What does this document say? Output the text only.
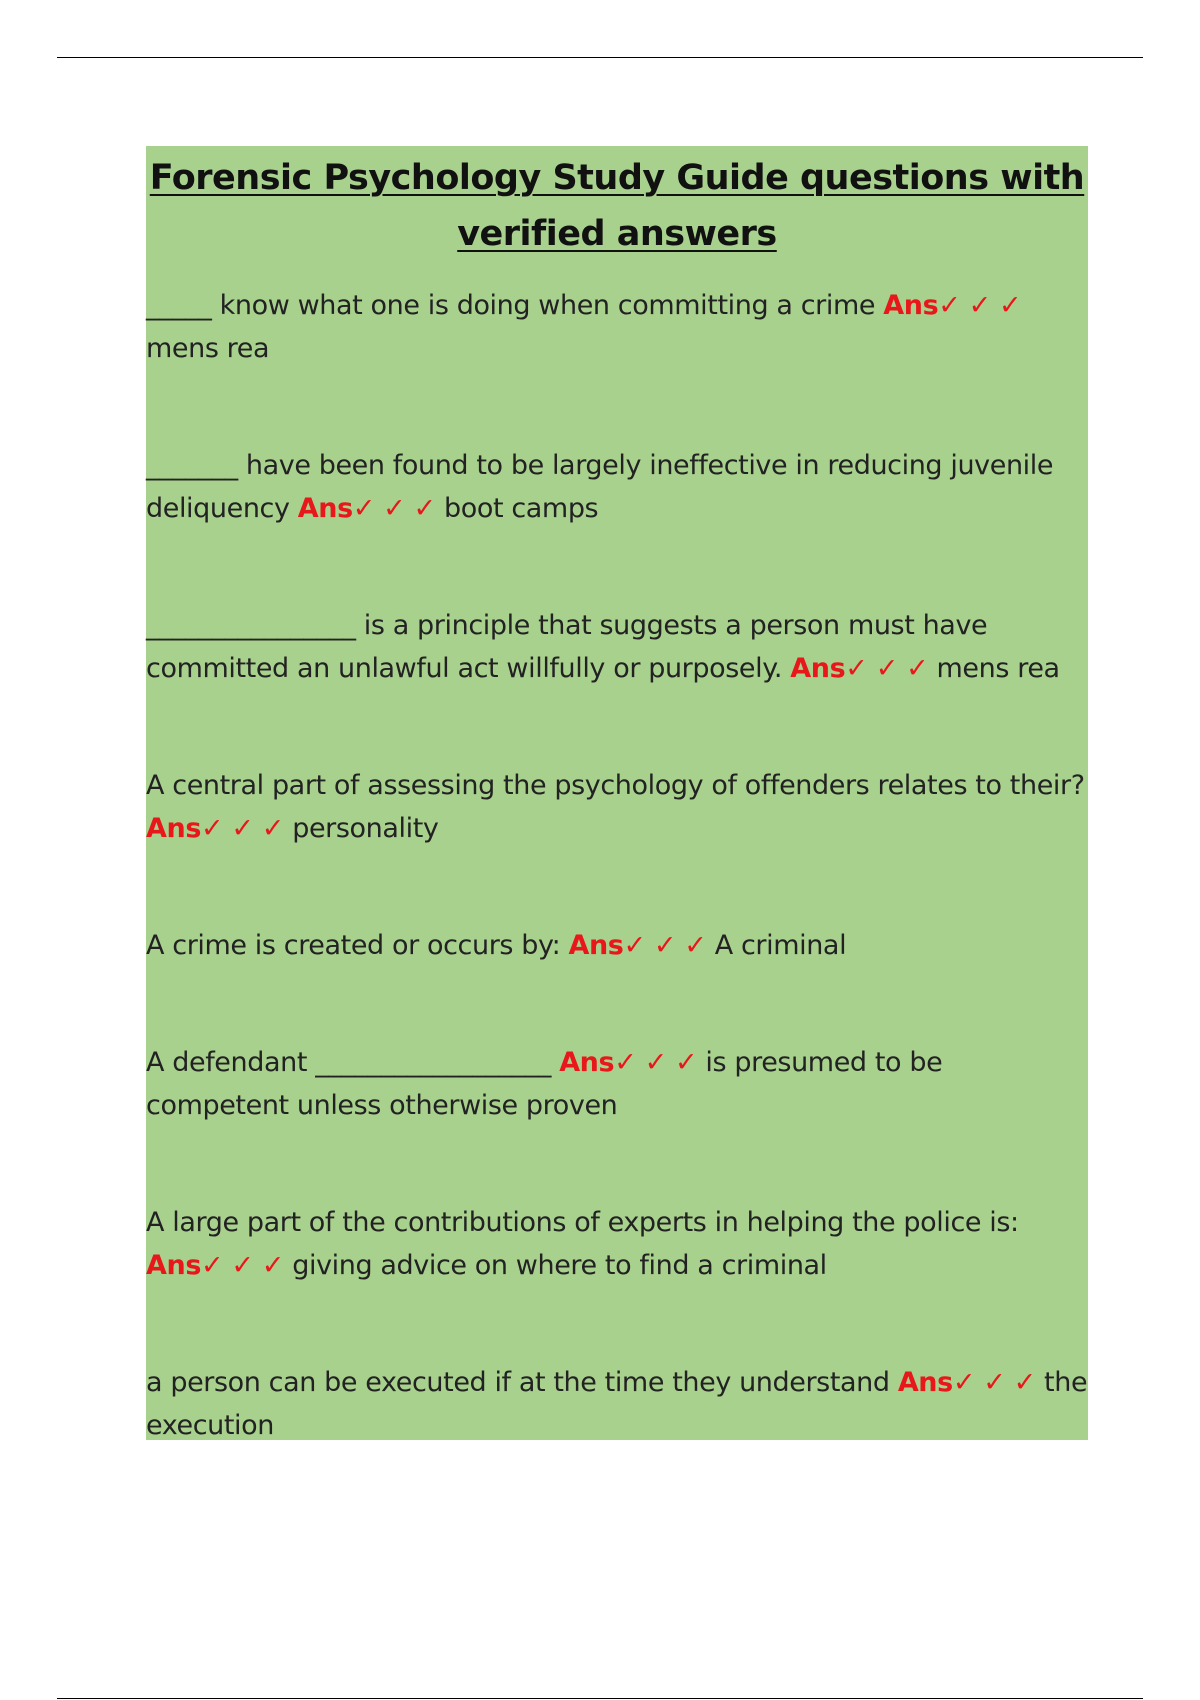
Forensic Psychology Study Guide questions with verified answers

_____ know what one is doing when committing a crime Ans✓ ✓ ✓ mens rea

_______ have been found to be largely ineffective in reducing juvenile deliquency Ans✓ ✓ ✓ boot camps

________________ is a principle that suggests a person must have committed an unlawful act willfully or purposely. Ans✓ ✓ ✓ mens rea

A central part of assessing the psychology of offenders relates to their? Ans✓ ✓ ✓ personality

A crime is created or occurs by: Ans✓ ✓ ✓ A criminal

A defendant __________________ Ans✓ ✓ ✓ is presumed to be competent unless otherwise proven

A large part of the contributions of experts in helping the police is: Ans✓ ✓ ✓ giving advice on where to find a criminal

a person can be executed if at the time they understand Ans✓ ✓ ✓ the execution
